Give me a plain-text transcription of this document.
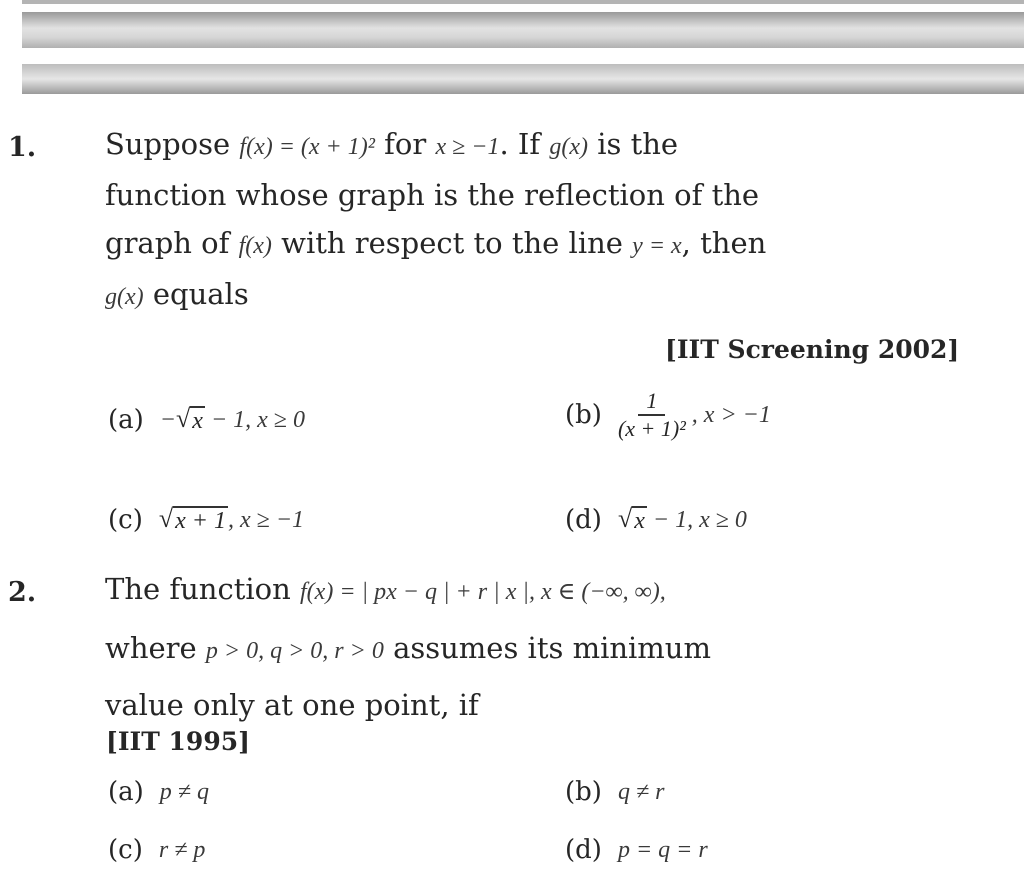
1. Suppose f(x) = (x + 1)² for x ≥ −1. If g(x) is the
function whose graph is the reflection of the
graph of f(x) with respect to the line y = x, then
g(x) equals
[IIT Screening 2002]
(a) − √ x − 1, x ≥ 0	$(b) \frac{1}{\text{(x + 1)²}}$ , x > −1
(c) √ x + 1 , x ≥ −1	(d) √ x − 1, x ≥ 0
2. The function f(x) = | px − q | + r | x |, x ∈ (−∞, ∞),
where p > 0, q > 0, r > 0 assumes its minimum
value only at one point, if
[IIT 1995]
(a) p ≠ q	(b) q ≠ r
(c) r ≠ p	(d) p = q = r
